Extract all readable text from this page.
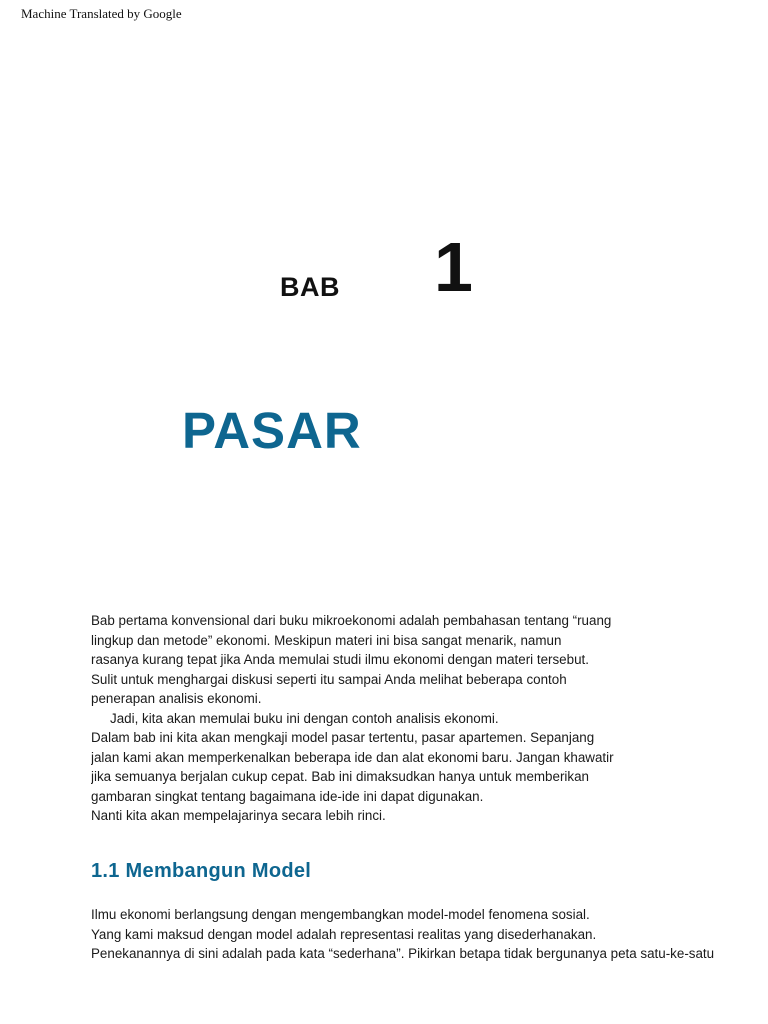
Machine Translated by Google
BAB 1
PASAR
Bab pertama konvensional dari buku mikroekonomi adalah pembahasan tentang “ruang
lingkup dan metode” ekonomi. Meskipun materi ini bisa sangat menarik, namun
rasanya kurang tepat jika Anda memulai studi ilmu ekonomi dengan materi tersebut.
Sulit untuk menghargai diskusi seperti itu sampai Anda melihat beberapa contoh
penerapan analisis ekonomi.
Jadi, kita akan memulai buku ini dengan contoh analisis ekonomi.
Dalam bab ini kita akan mengkaji model pasar tertentu, pasar apartemen. Sepanjang
jalan kami akan memperkenalkan beberapa ide dan alat ekonomi baru. Jangan khawatir
jika semuanya berjalan cukup cepat. Bab ini dimaksudkan hanya untuk memberikan
gambaran singkat tentang bagaimana ide-ide ini dapat digunakan.
Nanti kita akan mempelajarinya secara lebih rinci.
1.1 Membangun Model
Ilmu ekonomi berlangsung dengan mengembangkan model-model fenomena sosial.
Yang kami maksud dengan model adalah representasi realitas yang disederhanakan.
Penekanannya di sini adalah pada kata “sederhana”. Pikirkan betapa tidak bergunanya peta satu-ke-satu
